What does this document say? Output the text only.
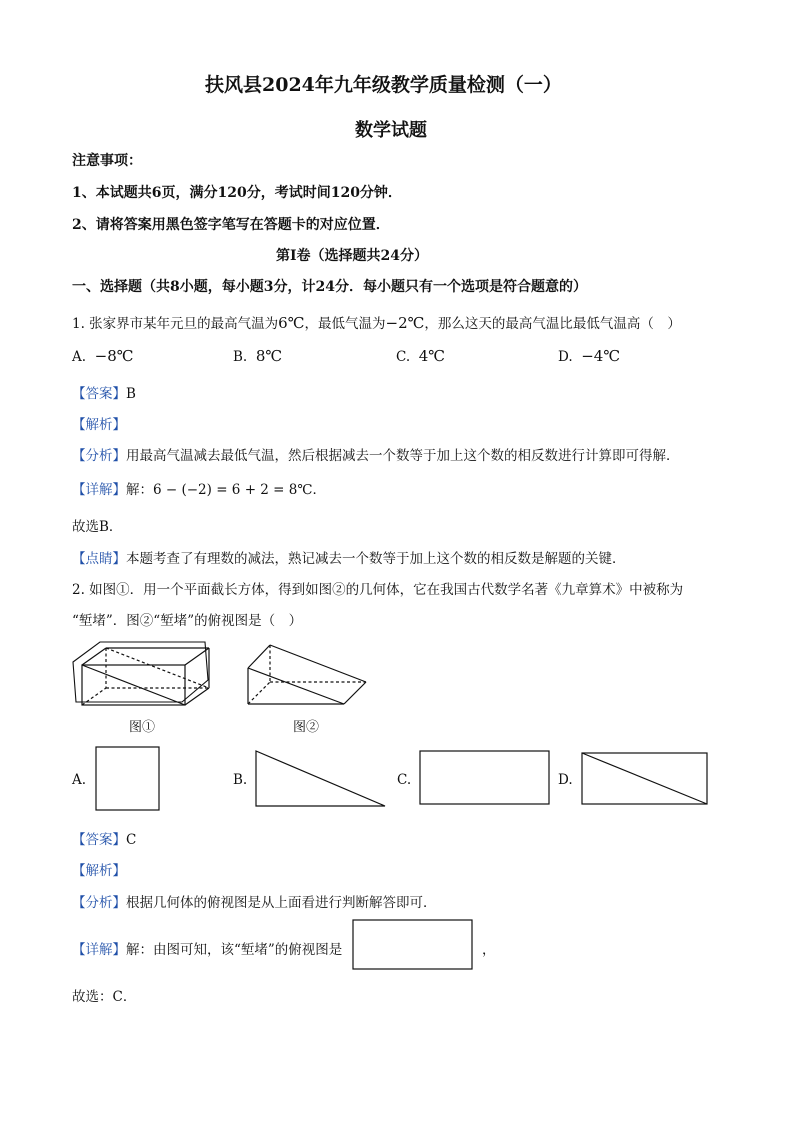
扶风县2024年九年级教学质量检测（一）
数学试题
注意事项：
1、本试题共6页，满分120分，考试时间120分钟．
2、请将答案用黑色签字笔写在答题卡的对应位置．
第Ⅰ卷（选择题共24分）
一、选择题（共8小题，每小题3分，计24分．每小题只有一个选项是符合题意的）
1. 张家界市某年元旦的最高气温为6℃，最低气温为−2℃，那么这天的最高气温比最低气温高（　）
A. −8℃	B. 8℃	C. 4℃	D. −4℃
【答案】B
【解析】
【分析】用最高气温减去最低气温，然后根据减去一个数等于加上这个数的相反数进行计算即可得解．
【详解】解：6 − (−2) = 6 + 2 = 8℃．
故选B．
【点睛】本题考查了有理数的减法，熟记减去一个数等于加上这个数的相反数是解题的关键．
2. 如图①．用一个平面截长方体，得到如图②的几何体，它在我国古代数学名著《九章算术》中被称为
“堑堵”．图②“堑堵”的俯视图是（　）
图①	图②
A.	B.	C.	D.
【答案】C
【解析】
【分析】根据几何体的俯视图是从上面看进行判断解答即可．
【详解】解：由图可知，该“堑堵”的俯视图是	，
故选：C．
